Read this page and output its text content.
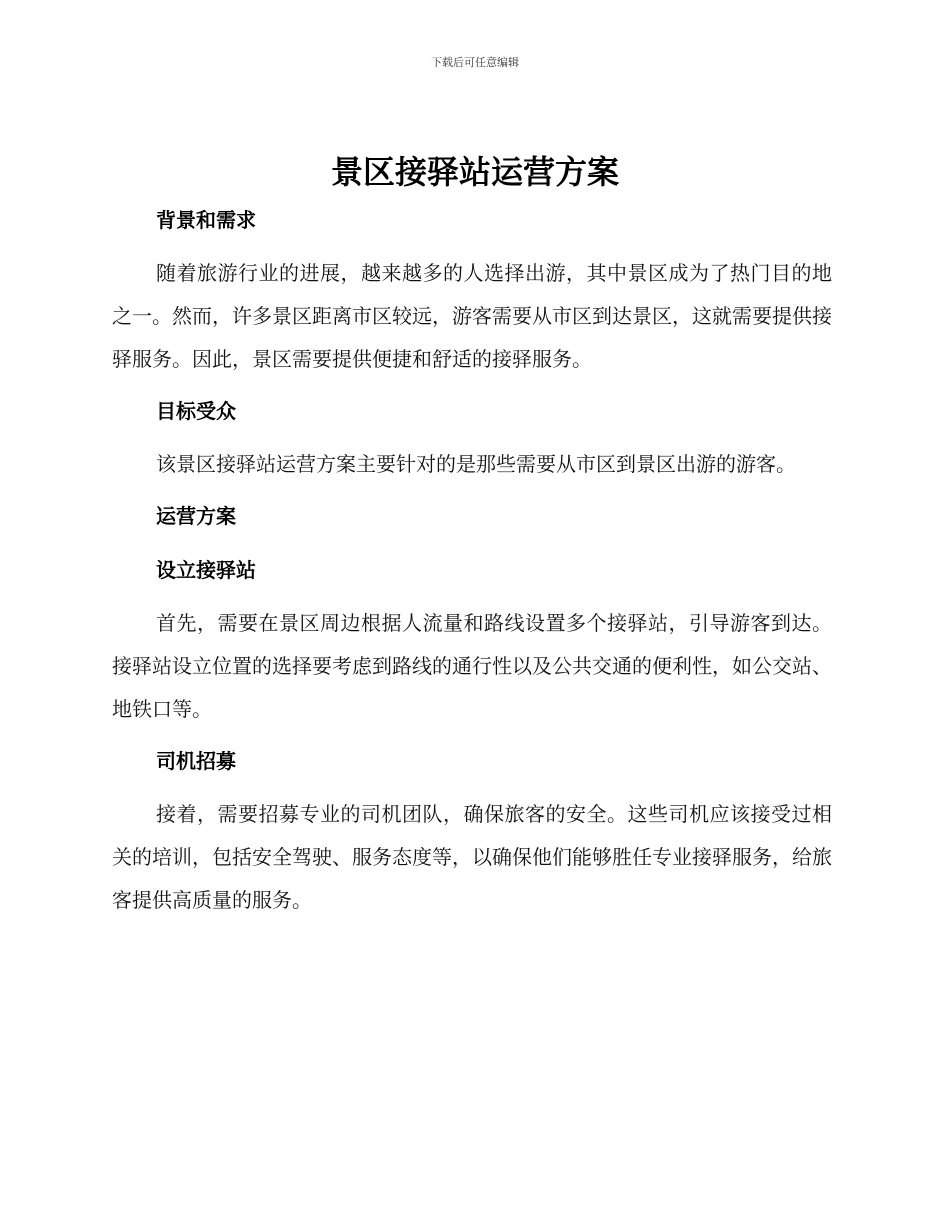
下载后可任意编辑
景区接驿站运营方案
背景和需求

随着旅游行业的进展，越来越多的人选择出游，其中景区成为了热门目的地之一。然而，许多景区距离市区较远，游客需要从市区到达景区，这就需要提供接驿服务。因此，景区需要提供便捷和舒适的接驿服务。

目标受众

该景区接驿站运营方案主要针对的是那些需要从市区到景区出游的游客。

运营方案
设立接驿站

首先，需要在景区周边根据人流量和路线设置多个接驿站，引导游客到达。接驿站设立位置的选择要考虑到路线的通行性以及公共交通的便利性，如公交站、地铁口等。

司机招募

接着，需要招募专业的司机团队，确保旅客的安全。这些司机应该接受过相关的培训，包括安全驾驶、服务态度等，以确保他们能够胜任专业接驿服务，给旅客提供高质量的服务。
